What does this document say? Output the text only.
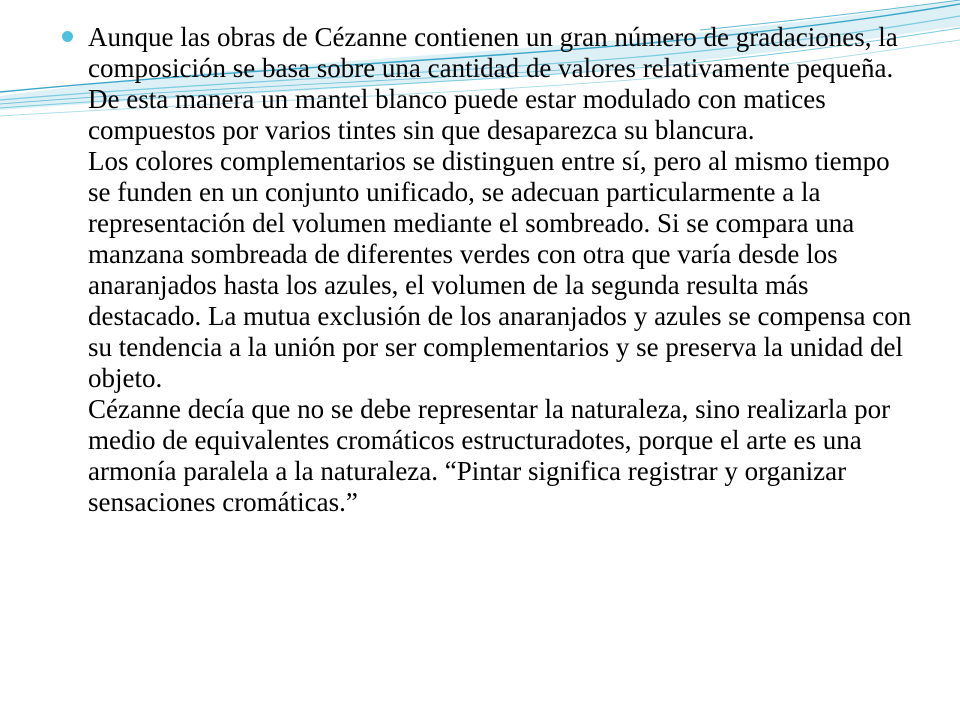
Aunque las obras de Cézanne contienen un gran número de gradaciones, la composición se basa sobre una cantidad de valores relativamente pequeña. De esta manera un mantel blanco puede estar modulado con matices compuestos por varios tintes sin que desaparezca su blancura.
Los colores complementarios se distinguen entre sí, pero al mismo tiempo se funden en un conjunto unificado, se adecuan particularmente a la representación del volumen mediante el sombreado. Si se compara una manzana sombreada de diferentes verdes con otra que varía desde los anaranjados hasta los azules, el volumen de la segunda resulta más destacado. La mutua exclusión de los anaranjados y azules se compensa con su tendencia a la unión por ser complementarios y se preserva la unidad del objeto.
Cézanne decía que no se debe representar la naturaleza, sino realizarla por medio de equivalentes cromáticos estructuradotes, porque el arte es una armonía paralela a la naturaleza. “Pintar significa registrar y organizar sensaciones cromáticas.”
